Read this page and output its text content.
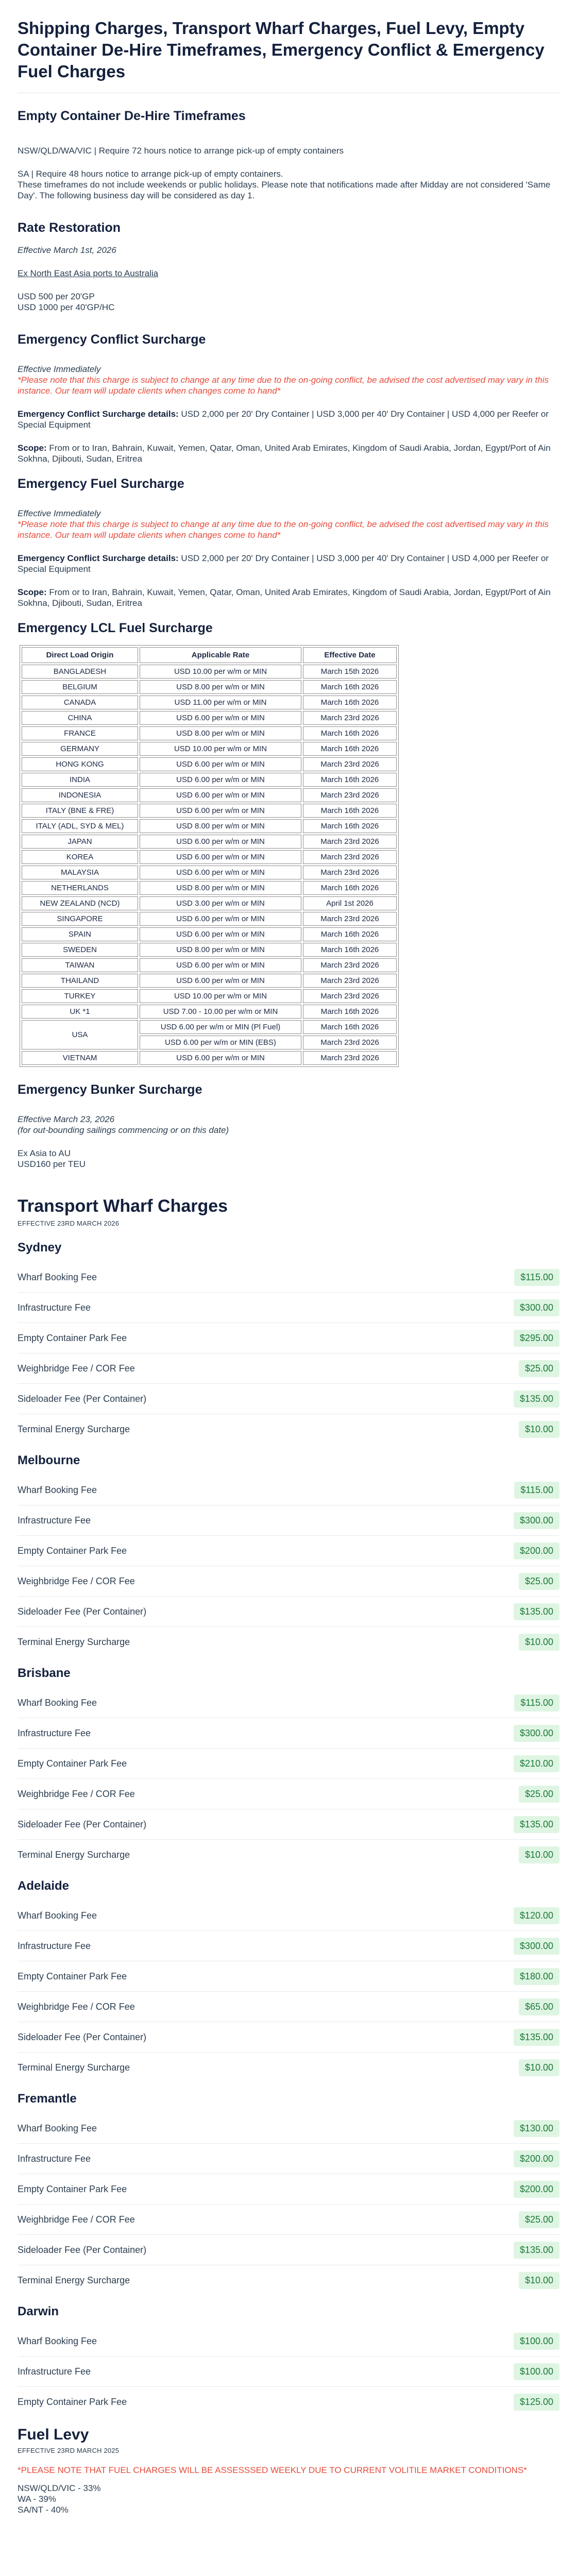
Shipping Charges, Transport Wharf Charges, Fuel Levy, Empty Container De-Hire Timeframes, Emergency Conflict & Emergency Fuel Charges
Empty Container De-Hire Timeframes

NSW/QLD/WA/VIC | Require 72 hours notice to arrange pick-up of empty containers

SA | Require 48 hours notice to arrange pick-up of empty containers.

These timeframes do not include weekends or public holidays. Please note that notifications made after Midday are not considered 'Same Day'. The following business day will be considered as day 1.

Rate Restoration

Effective March 1st, 2026

Ex North East Asia ports to Australia

USD 500 per 20'GP

USD 1000 per 40'GP/HC

Emergency Conflict Surcharge

Effective Immediately

*Please note that this charge is subject to change at any time due to the on-going conflict, be advised the cost advertised may vary in this instance. Our team will update clients when changes come to hand*

Emergency Conflict Surcharge details: USD 2,000 per 20' Dry Container | USD 3,000 per 40' Dry Container | USD 4,000 per Reefer or Special Equipment

Scope: From or to Iran, Bahrain, Kuwait, Yemen, Qatar, Oman, United Arab Emirates, Kingdom of Saudi Arabia, Jordan, Egypt/Port of Ain Sokhna, Djibouti, Sudan, Eritrea

Emergency Fuel Surcharge

Effective Immediately

*Please note that this charge is subject to change at any time due to the on-going conflict, be advised the cost advertised may vary in this instance. Our team will update clients when changes come to hand*

Emergency Conflict Surcharge details: USD 2,000 per 20' Dry Container | USD 3,000 per 40' Dry Container | USD 4,000 per Reefer or Special Equipment

Scope: From or to Iran, Bahrain, Kuwait, Yemen, Qatar, Oman, United Arab Emirates, Kingdom of Saudi Arabia, Jordan, Egypt/Port of Ain Sokhna, Djibouti, Sudan, Eritrea

Emergency LCL Fuel Surcharge
Direct Load Origin	Applicable Rate	Effective Date
BANGLADESH	USD 10.00 per w/m or MIN	March 15th 2026
BELGIUM	USD 8.00 per w/m or MIN	March 16th 2026
CANADA	USD 11.00 per w/m or MIN	March 16th 2026
CHINA	USD 6.00 per w/m or MIN	March 23rd 2026
FRANCE	USD 8.00 per w/m or MIN	March 16th 2026
GERMANY	USD 10.00 per w/m or MIN	March 16th 2026
HONG KONG	USD 6.00 per w/m or MIN	March 23rd 2026
INDIA	USD 6.00 per w/m or MIN	March 16th 2026
INDONESIA	USD 6.00 per w/m or MIN	March 23rd 2026
ITALY (BNE & FRE)	USD 6.00 per w/m or MIN	March 16th 2026
ITALY (ADL, SYD & MEL)	USD 8.00 per w/m or MIN	March 16th 2026
JAPAN	USD 6.00 per w/m or MIN	March 23rd 2026
KOREA	USD 6.00 per w/m or MIN	March 23rd 2026
MALAYSIA	USD 6.00 per w/m or MIN	March 23rd 2026
NETHERLANDS	USD 8.00 per w/m or MIN	March 16th 2026
NEW ZEALAND (NCD)	USD 3.00 per w/m or MIN	April 1st 2026
SINGAPORE	USD 6.00 per w/m or MIN	March 23rd 2026
SPAIN	USD 6.00 per w/m or MIN	March 16th 2026
SWEDEN	USD 8.00 per w/m or MIN	March 16th 2026
TAIWAN	USD 6.00 per w/m or MIN	March 23rd 2026
THAILAND	USD 6.00 per w/m or MIN	March 23rd 2026
TURKEY	USD 10.00 per w/m or MIN	March 23rd 2026
UK *1	USD 7.00 - 10.00 per w/m or MIN	March 16th 2026
USA	USD 6.00 per w/m or MIN (Pl Fuel)	March 16th 2026
	USD 6.00 per w/m or MIN (EBS)	March 23rd 2026
VIETNAM	USD 6.00 per w/m or MIN	March 23rd 2026
Emergency Bunker Surcharge

Effective March 23, 2026

(for out-bounding sailings commencing or on this date)

Ex Asia to AU

USD160 per TEU

Transport Wharf Charges
EFFECTIVE 23RD MARCH 2026
Sydney
Wharf Booking Fee	$115.00
Infrastructure Fee	$300.00
Empty Container Park Fee	$295.00
Weighbridge Fee / COR Fee	$25.00
Sideloader Fee (Per Container)	$135.00
Terminal Energy Surcharge	$10.00
Melbourne
Wharf Booking Fee	$115.00
Infrastructure Fee	$300.00
Empty Container Park Fee	$200.00
Weighbridge Fee / COR Fee	$25.00
Sideloader Fee (Per Container)	$135.00
Terminal Energy Surcharge	$10.00
Brisbane
Wharf Booking Fee	$115.00
Infrastructure Fee	$300.00
Empty Container Park Fee	$210.00
Weighbridge Fee / COR Fee	$25.00
Sideloader Fee (Per Container)	$135.00
Terminal Energy Surcharge	$10.00
Adelaide
Wharf Booking Fee	$120.00
Infrastructure Fee	$300.00
Empty Container Park Fee	$180.00
Weighbridge Fee / COR Fee	$65.00
Sideloader Fee (Per Container)	$135.00
Terminal Energy Surcharge	$10.00
Fremantle
Wharf Booking Fee	$130.00
Infrastructure Fee	$200.00
Empty Container Park Fee	$200.00
Weighbridge Fee / COR Fee	$25.00
Sideloader Fee (Per Container)	$135.00
Terminal Energy Surcharge	$10.00
Darwin
Wharf Booking Fee	$100.00
Infrastructure Fee	$100.00
Empty Container Park Fee	$125.00
Fuel Levy
EFFECTIVE 23RD MARCH 2025

*PLEASE NOTE THAT FUEL CHARGES WILL BE ASSESSSED WEEKLY DUE TO CURRENT VOLITILE MARKET CONDITIONS*

NSW/QLD/VIC - 33%

WA - 39%

SA/NT - 40%
